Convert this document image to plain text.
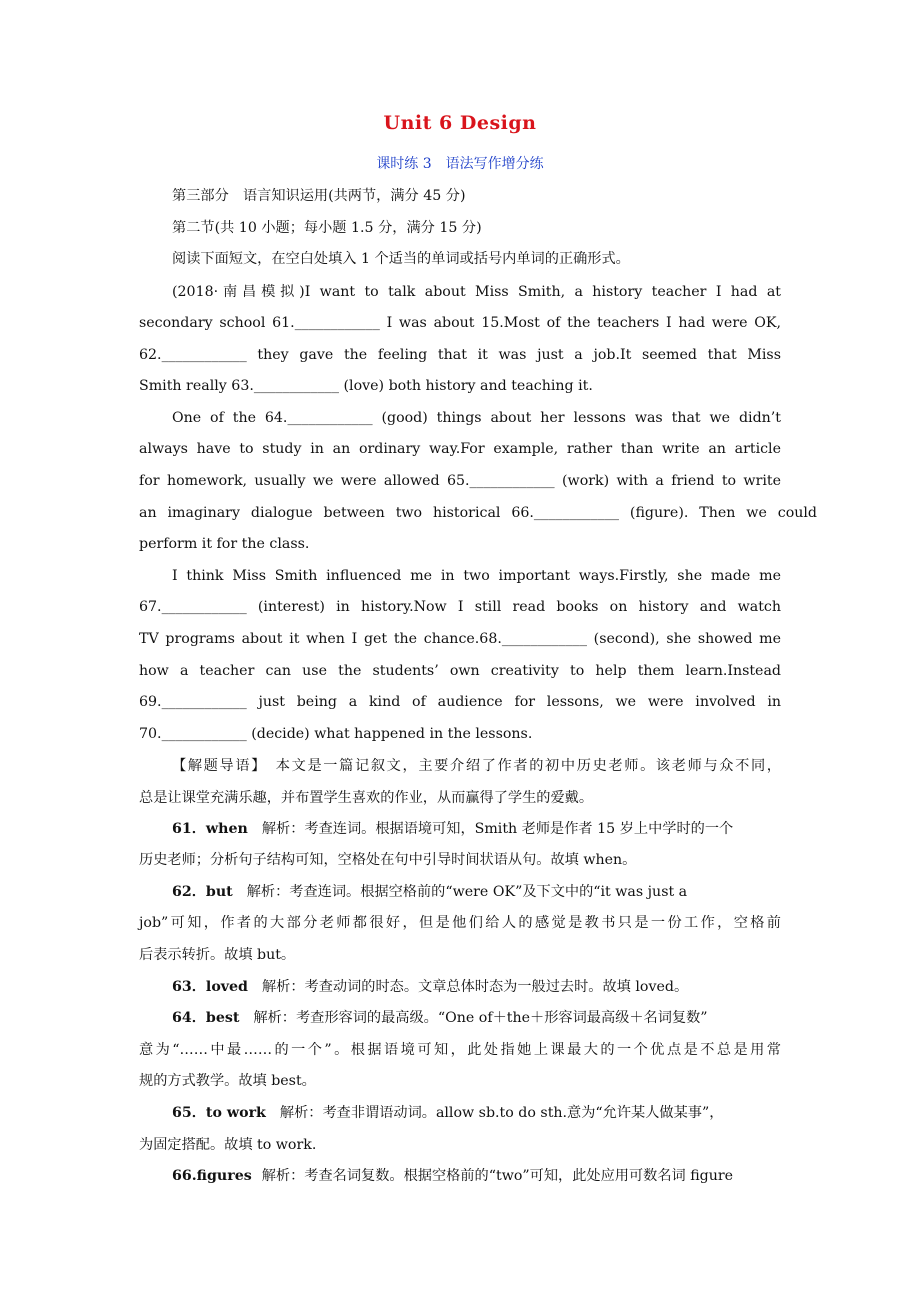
Unit 6 Design
课时练 3　语法写作增分练
第三部分　语言知识运用(共两节，满分 45 分)
第二节(共 10 小题；每小题 1.5 分，满分 15 分)
阅读下面短文，在空白处填入 1 个适当的单词或括号内单词的正确形式。
(2018·南昌模拟)I want to talk about Miss Smith, a history teacher I had at
secondary school 61.____________ I was about 15.Most of the teachers I had were OK,
62.____________ they gave the feeling that it was just a job.It seemed that Miss
Smith really 63.____________ (love) both history and teaching it.
One of the 64.____________ (good) things about her lessons was that we didn’t
always have to study in an ordinary way.For example, rather than write an article
for homework, usually we were allowed 65.____________ (work) with a friend to write
an imaginary dialogue between two historical 66.____________ (figure). Then we could
perform it for the class.
I think Miss Smith influenced me in two important ways.Firstly, she made me
67.____________ (interest) in history.Now I still read books on history and watch
TV programs about it when I get the chance.68.____________ (second), she showed me
how a teacher can use the students’ own creativity to help them learn.Instead
69.____________ just being a kind of audience for lessons, we were involved in
70.____________ (decide) what happened in the lessons.
【解题导语】　本文是一篇记叙文，主要介绍了作者的初中历史老师。该老师与众不同，
总是让课堂充满乐趣，并布置学生喜欢的作业，从而赢得了学生的爱戴。
61．when 解析：考查连词。根据语境可知，Smith 老师是作者 15 岁上中学时的一个
历史老师；分析句子结构可知，空格处在句中引导时间状语从句。故填 when。
62．but 解析：考查连词。根据空格前的“were OK”及下文中的“it was just a
job”可知，作者的大部分老师都很好，但是他们给人的感觉是教书只是一份工作，空格前
后表示转折。故填 but。
63．loved 解析：考查动词的时态。文章总体时态为一般过去时。故填 loved。
64．best 解析：考查形容词的最高级。“One of＋the＋形容词最高级＋名词复数”
意为“……中最……的一个”。根据语境可知，此处指她上课最大的一个优点是不总是用常
规的方式教学。故填 best。
65．to work 解析：考查非谓语动词。allow sb.to do sth.意为“允许某人做某事”，
为固定搭配。故填 to work.
66.figures 解析：考查名词复数。根据空格前的“two”可知，此处应用可数名词 figure
